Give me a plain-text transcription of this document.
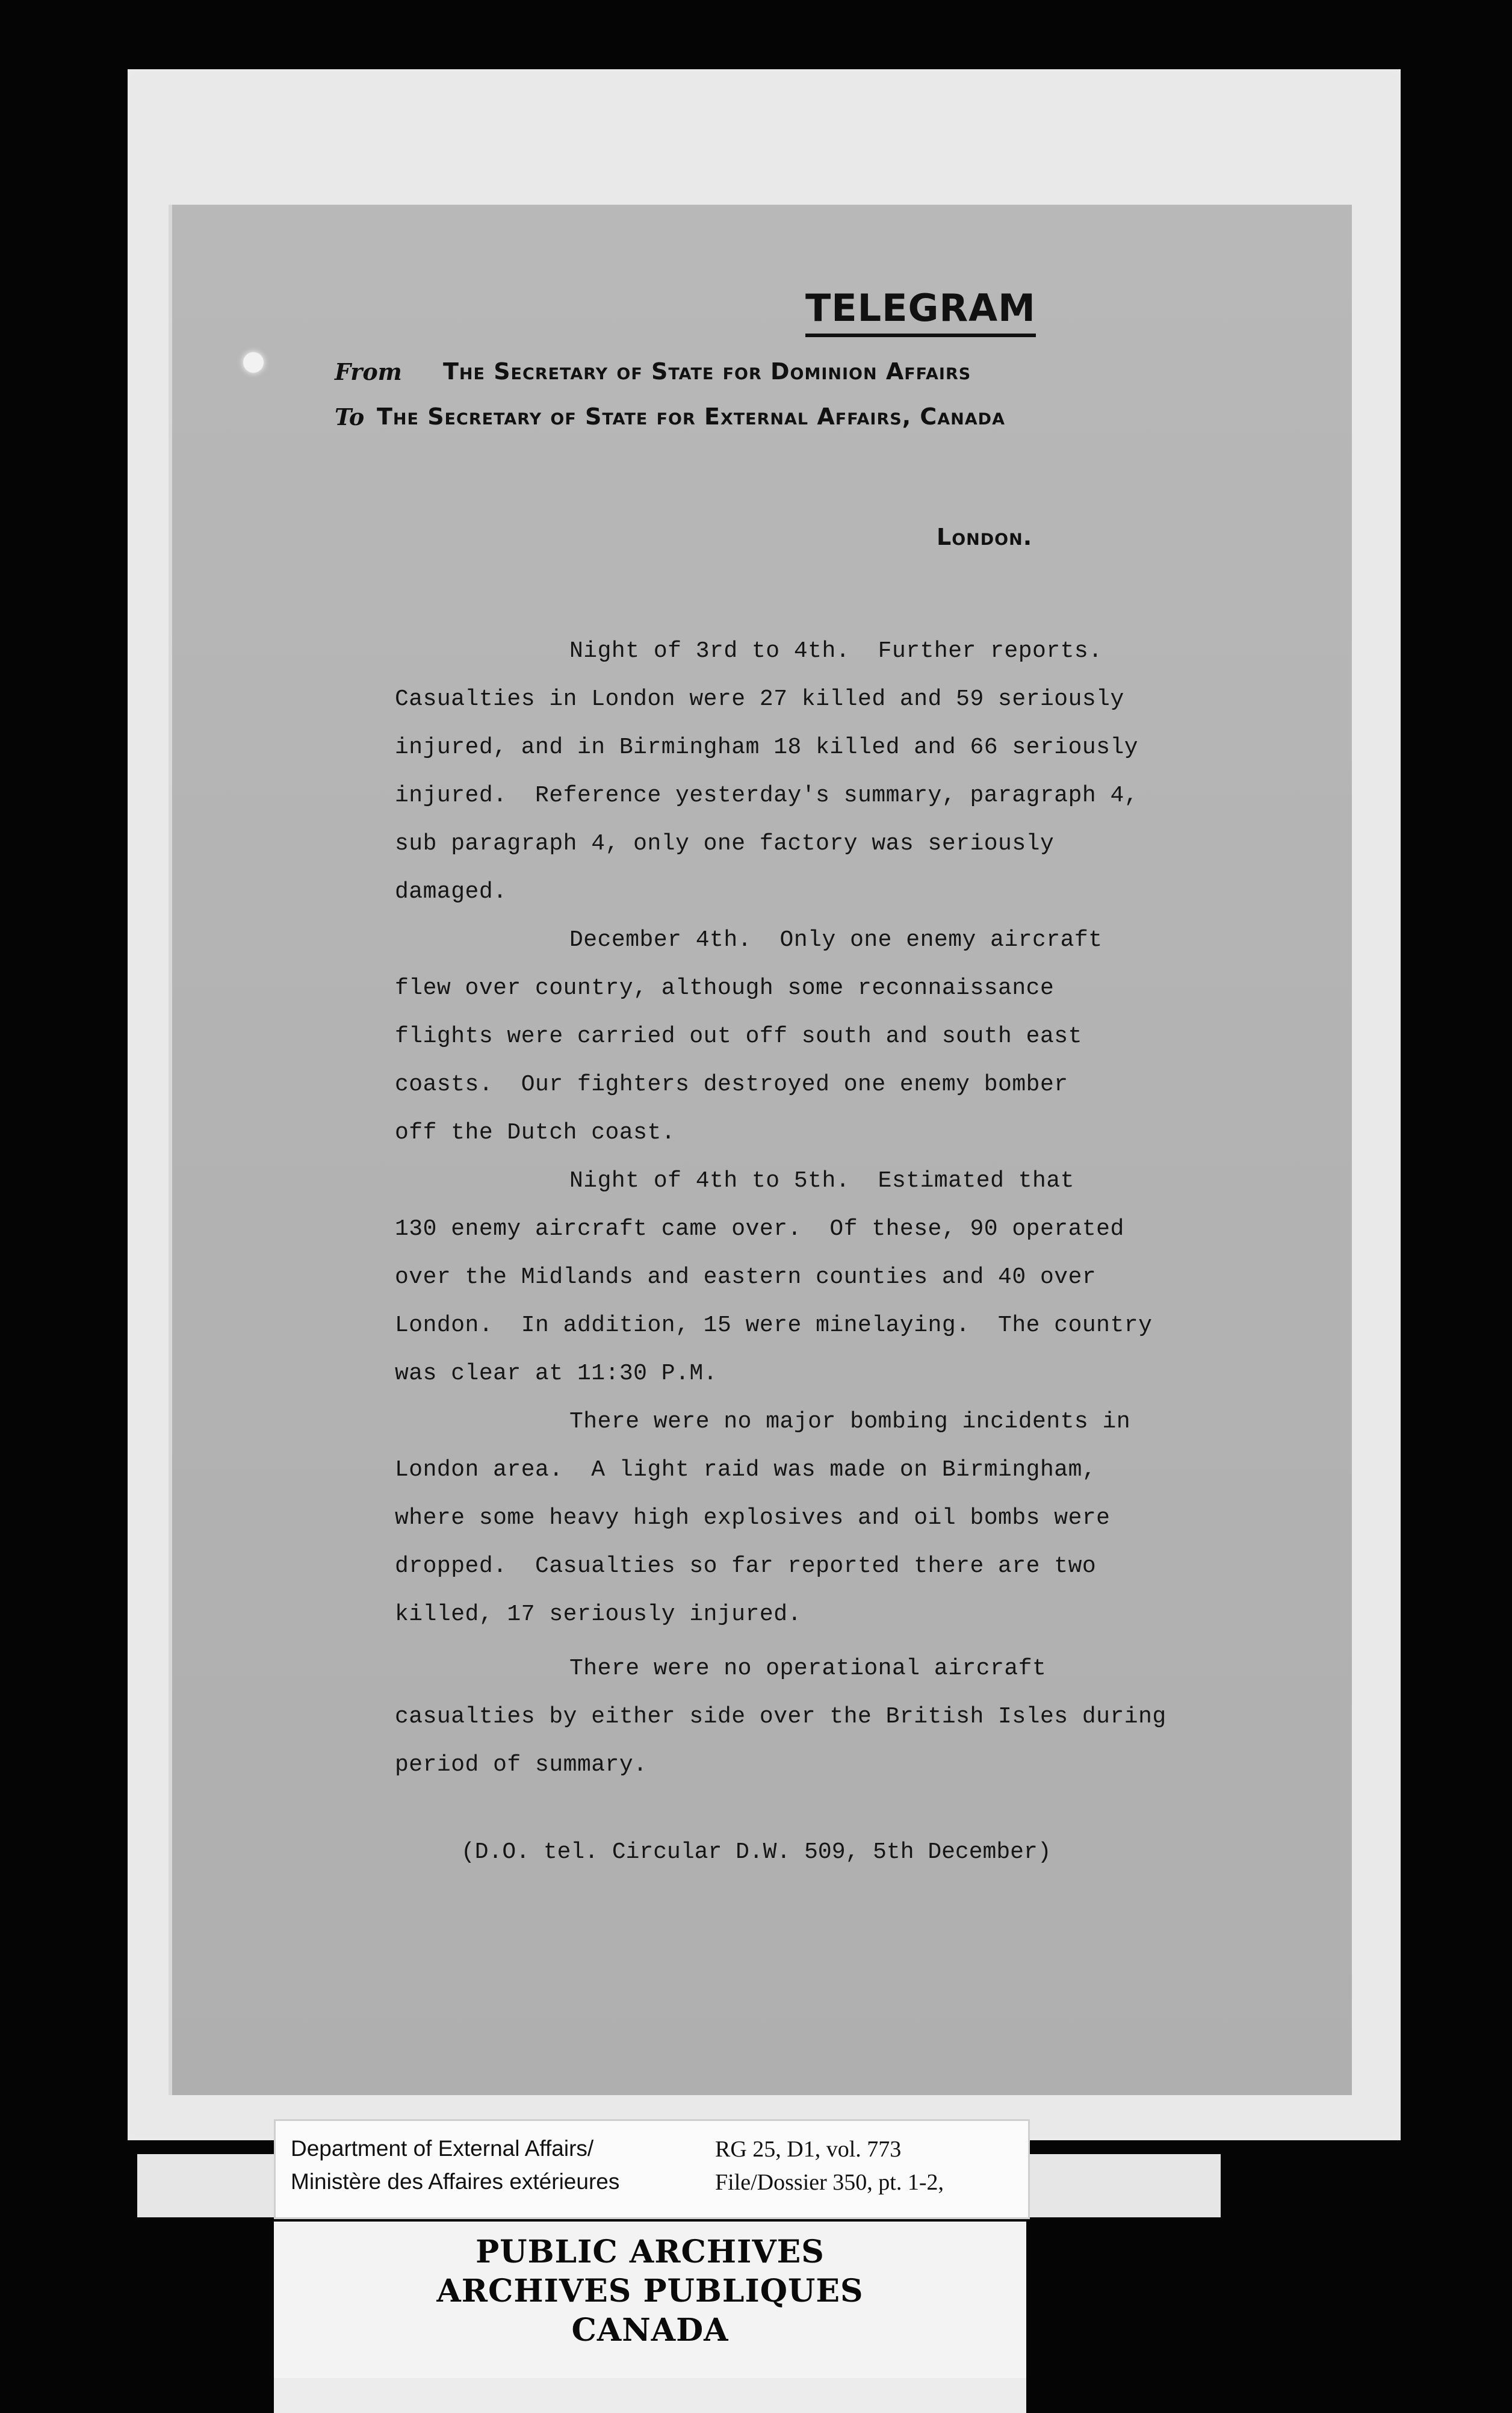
TELEGRAM
From The Secretary of State for Dominion Affairs
To The Secretary of State for External Affairs, Canada
London.
Night of 3rd to 4th.  Further reports.
Casualties in London were 27 killed and 59 seriously
injured, and in Birmingham 18 killed and 66 seriously
injured.  Reference yesterday's summary, paragraph 4,
sub paragraph 4, only one factory was seriously
damaged.
December 4th.  Only one enemy aircraft
flew over country, although some reconnaissance
flights were carried out off south and south east
coasts.  Our fighters destroyed one enemy bomber
off the Dutch coast.
Night of 4th to 5th.  Estimated that
130 enemy aircraft came over.  Of these, 90 operated
over the Midlands and eastern counties and 40 over
London.  In addition, 15 were minelaying.  The country
was clear at 11:30 P.M.
There were no major bombing incidents in
London area.  A light raid was made on Birmingham,
where some heavy high explosives and oil bombs were
dropped.  Casualties so far reported there are two
killed, 17 seriously injured.
There were no operational aircraft
casualties by either side over the British Isles during
period of summary.
(D.O. tel. Circular D.W. 509, 5th December)
Department of External Affairs/
Ministère des Affaires extérieures
RG 25, D1, vol. 773
File/Dossier 350, pt. 1-2,
PUBLIC ARCHIVES
ARCHIVES PUBLIQUES
CANADA
